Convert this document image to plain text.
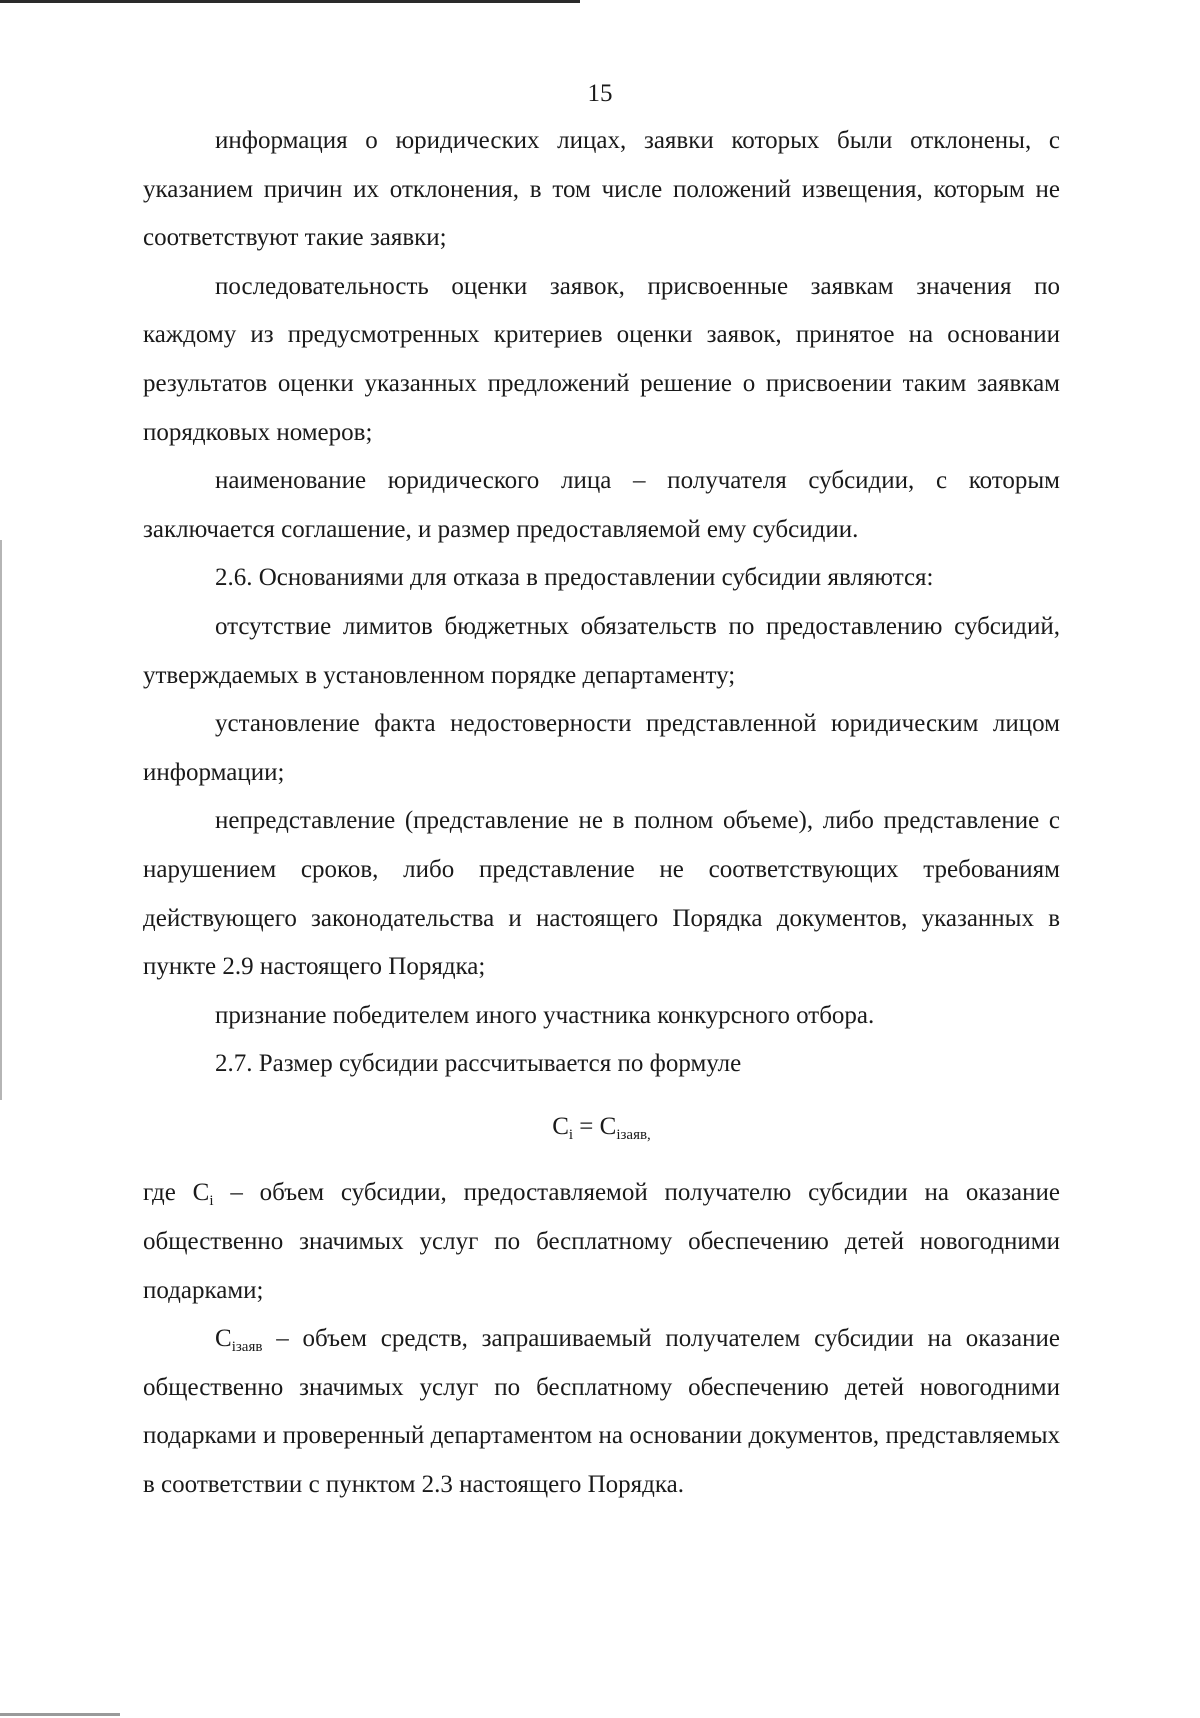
15

информация о юридических лицах, заявки которых были отклонены, с указанием причин их отклонения, в том числе положений извещения, которым не соответствуют такие заявки;

последовательность оценки заявок, присвоенные заявкам значения по каждому из предусмотренных критериев оценки заявок, принятое на основании результатов оценки указанных предложений решение о присвоении таким заявкам порядковых номеров;

наименование юридического лица – получателя субсидии, с которым заключается соглашение, и размер предоставляемой ему субсидии.

2.6. Основаниями для отказа в предоставлении субсидии являются:

отсутствие лимитов бюджетных обязательств по предоставлению субсидий, утверждаемых в установленном порядке департаменту;

установление факта недостоверности представленной юридическим лицом информации;

непредставление (представление не в полном объеме), либо представление с нарушением сроков, либо представление не соответствующих требованиям действующего законодательства и настоящего Порядка документов, указанных в пункте 2.9 настоящего Порядка;

признание победителем иного участника конкурсного отбора.

2.7. Размер субсидии рассчитывается по формуле

$C_i = C_{iзаяв,}$

где $C_i$ – объем субсидии, предоставляемой получателю субсидии на оказание общественно значимых услуг по бесплатному обеспечению детей новогодними подарками;

$C_{iзаяв}$ – объем средств, запрашиваемый получателем субсидии на оказание общественно значимых услуг по бесплатному обеспечению детей новогодними подарками и проверенный департаментом на основании документов, представляемых в соответствии с пунктом 2.3 настоящего Порядка.
